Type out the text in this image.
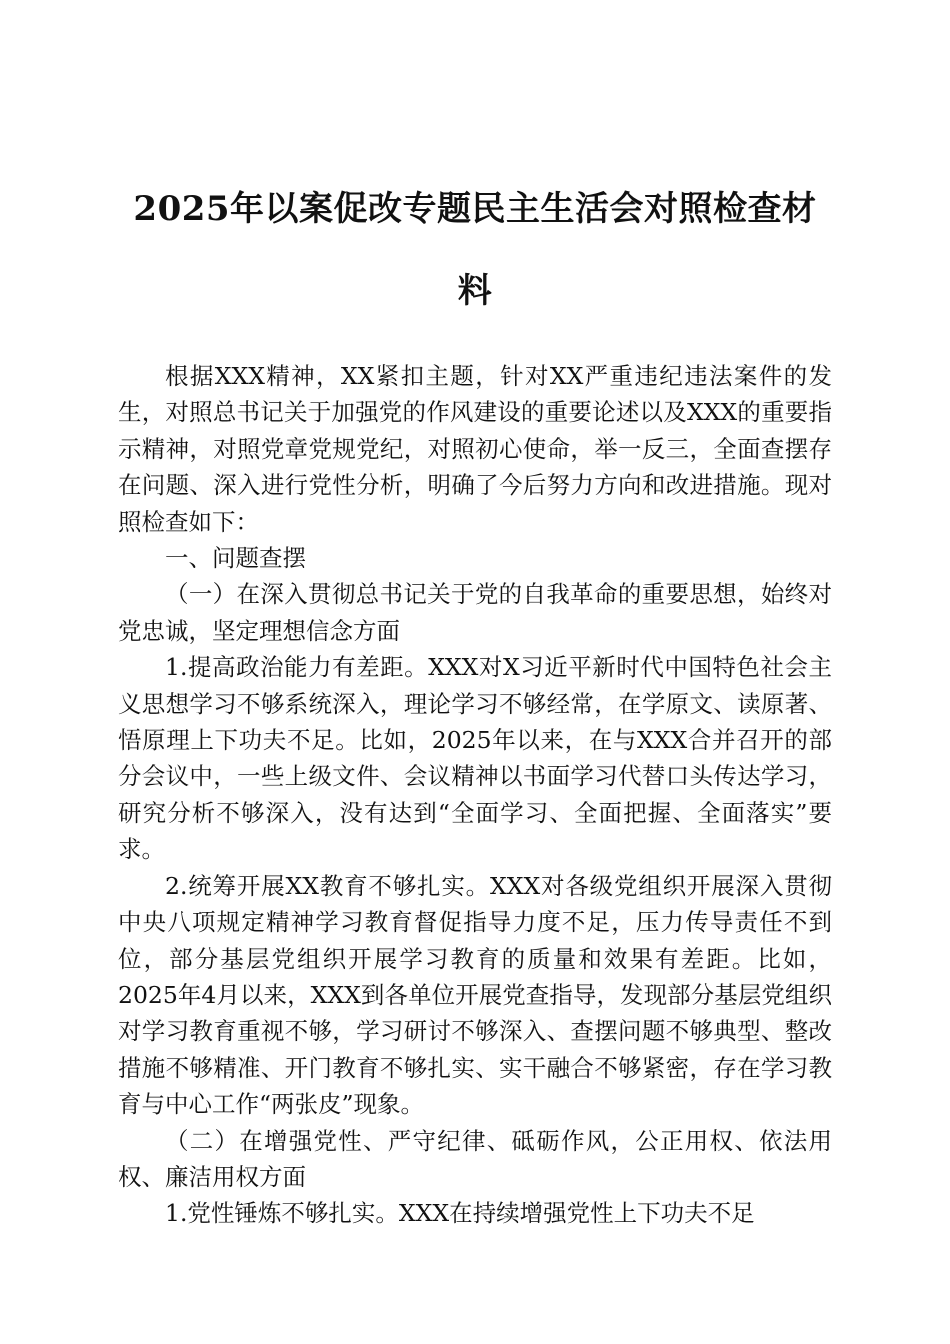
2025年以案促改专题民主生活会对照检查材料

根据XXX精神，XX紧扣主题，针对XX严重违纪违法案件的发生，对照总书记关于加强党的作风建设的重要论述以及XXX的重要指示精神，对照党章党规党纪，对照初心使命，举一反三，全面查摆存在问题、深入进行党性分析，明确了今后努力方向和改进措施。现对照检查如下：

一、问题查摆

（一）在深入贯彻总书记关于党的自我革命的重要思想，始终对党忠诚，坚定理想信念方面

1.提高政治能力有差距。XXX对X习近平新时代中国特色社会主义思想学习不够系统深入，理论学习不够经常，在学原文、读原著、悟原理上下功夫不足。比如，2025年以来，在与XXX合并召开的部分会议中，一些上级文件、会议精神以书面学习代替口头传达学习，研究分析不够深入，没有达到“全面学习、全面把握、全面落实”要求。

2.统筹开展XX教育不够扎实。XXX对各级党组织开展深入贯彻中央八项规定精神学习教育督促指导力度不足，压力传导责任不到位，部分基层党组织开展学习教育的质量和效果有差距。比如，2025年4月以来，XXX到各单位开展党查指导，发现部分基层党组织对学习教育重视不够，学习研讨不够深入、查摆问题不够典型、整改措施不够精准、开门教育不够扎实、实干融合不够紧密，存在学习教育与中心工作“两张皮”现象。

（二）在增强党性、严守纪律、砥砺作风，公正用权、依法用权、廉洁用权方面

1.党性锤炼不够扎实。XXX在持续增强党性上下功夫不足
